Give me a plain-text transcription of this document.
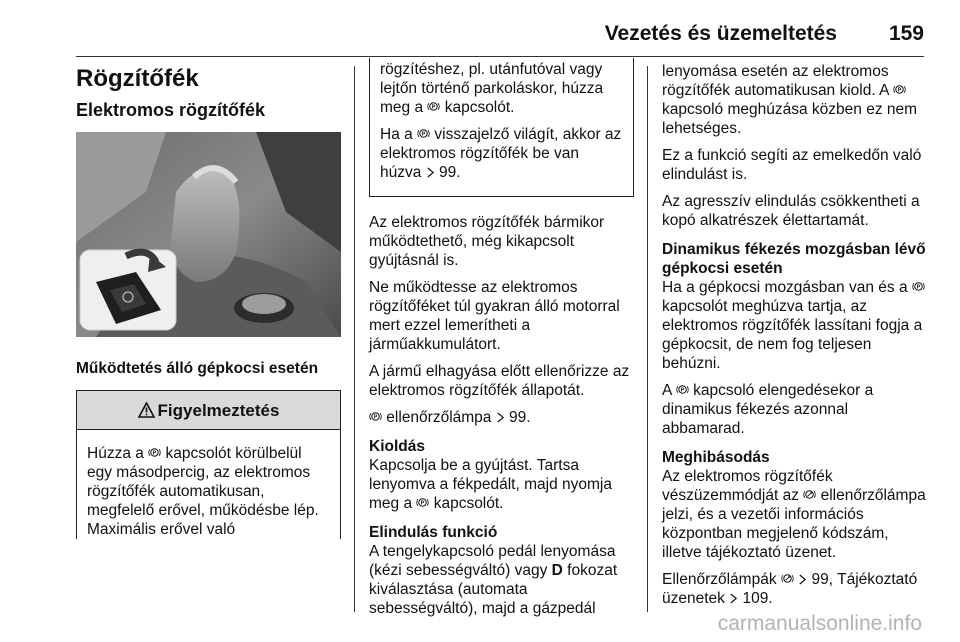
Vezetés és üzemeltetés 159
Rögzítőfék
Elektromos rögzítőfék

Működtetés álló gépkocsi esetén

Figyelmeztetés
Húzza a  kapcsolót körülbelül egy másodpercig, az elektromos rögzítőfék automatikusan, megfelelő erővel, működésbe lép. Maximális erővel való

rögzítéshez, pl. utánfutóval vagy lejtőn történő parkoláskor, húzza meg a  kapcsolót.

Ha a  visszajelző világít, akkor az elektromos rögzítőfék be van húzva  99.

Az elektromos rögzítőfék bármikor működtethető, még kikapcsolt gyújtásnál is.

Ne működtesse az elektromos rögzítőféket túl gyakran álló motorral mert ezzel lemerítheti a járműakkumulátort.

A jármű elhagyása előtt ellenőrizze az elektromos rögzítőfék állapotát.

ellenőrzőlámpa  99.

Kioldás

Kapcsolja be a gyújtást. Tartsa lenyomva a fékpedált, majd nyomja meg a  kapcsolót.

Elindulás funkció

A tengelykapcsoló pedál lenyomása (kézi sebességváltó) vagy D fokozat kiválasztása (automata sebességváltó), majd a gázpedál

lenyomása esetén az elektromos rögzítőfék automatikusan kiold. A  kapcsoló meghúzása közben ez nem lehetséges.

Ez a funkció segíti az emelkedőn való elindulást is.

Az agresszív elindulás csökkentheti a kopó alkatrészek élettartamát.

Dinamikus fékezés mozgásban lévő gépkocsi esetén

Ha a gépkocsi mozgásban van és a  kapcsolót meghúzva tartja, az elektromos rögzítőfék lassítani fogja a gépkocsit, de nem fog teljesen behúzni.

A  kapcsoló elengedésekor a dinamikus fékezés azonnal abbamarad.

Meghibásodás

Az elektromos rögzítőfék vészüzemmódját az  ellenőrzőlámpa jelzi, és a vezetői információs központban megjelenő kódszám, illetve tájékoztató üzenet.

Ellenőrzőlámpák   99, Tájékoztató üzenetek  109.

carmanualsonline.info
